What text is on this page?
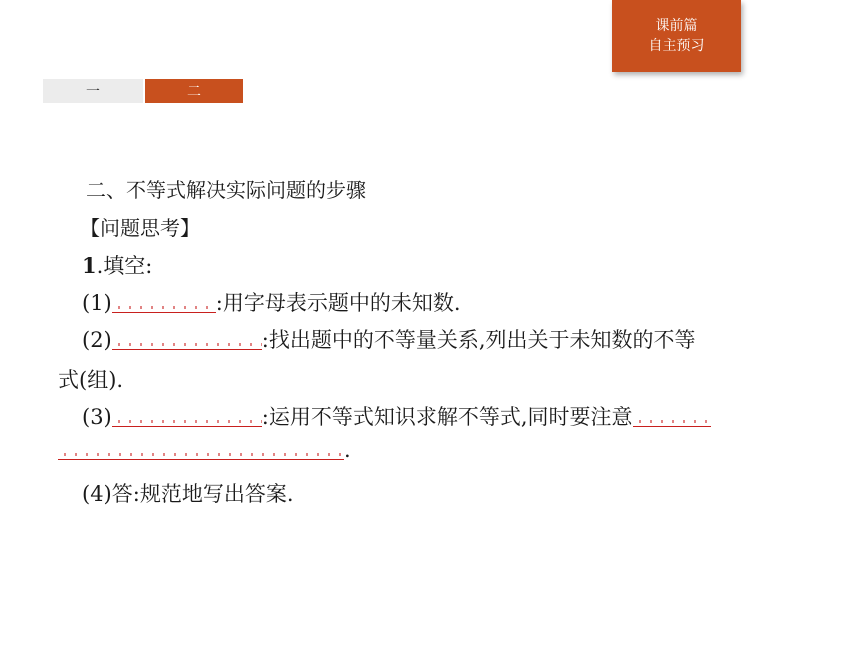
课前篇
自主预习
一	二
二、不等式解决实际问题的步骤
【问题思考】
1.填空:
(1)	:用字母表示题中的未知数.
(2)	:找出题中的不等量关系,列出关于未知数的不等
式(组).
(3)	:运用不等式知识求解不等式,同时要注意
.
(4)答:规范地写出答案.
